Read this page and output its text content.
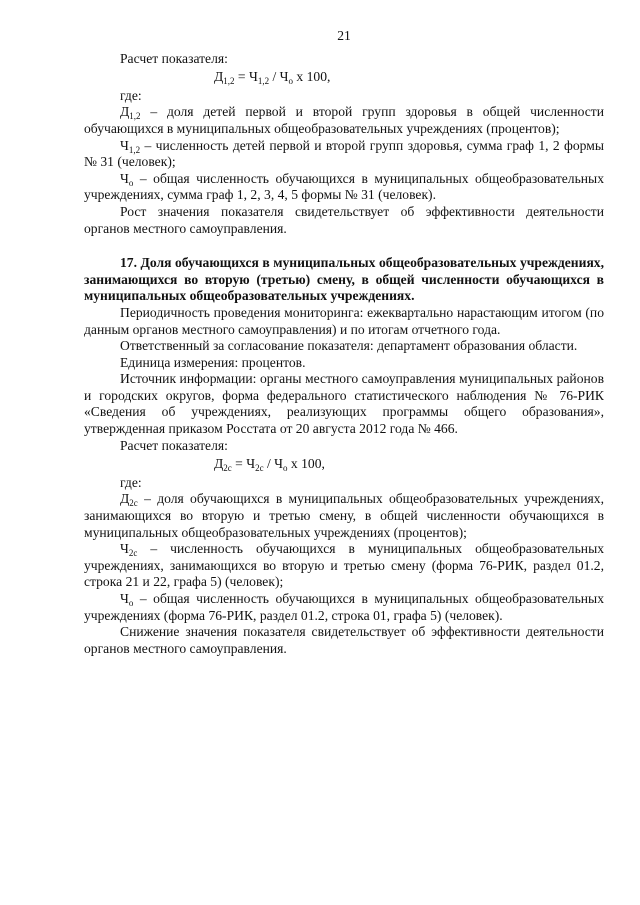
21

Расчет показателя:

$Д_{1,2} = Ч_{1,2} / Ч_о$ х 100,

где:

$Д_{1,2}$ – доля детей первой и второй групп здоровья в общей численности обучающихся в муниципальных общеобразовательных учреждениях (процентов);

$Ч_{1,2}$ – численность детей первой и второй групп здоровья, сумма граф 1, 2 формы № 31 (человек);

$Ч_о$ – общая численность обучающихся в муниципальных общеобразовательных учреждениях, сумма граф 1, 2, 3, 4, 5 формы № 31 (человек).

Рост значения показателя свидетельствует об эффективности деятельности органов местного самоуправления.

17. Доля обучающихся в муниципальных общеобразовательных учреждениях, занимающихся во вторую (третью) смену, в общей численности обучающихся в муниципальных общеобразовательных учреждениях.

Периодичность проведения мониторинга: ежеквартально нарастающим итогом (по данным органов местного самоуправления) и по итогам отчетного года.

Ответственный за согласование показателя: департамент образования области.

Единица измерения: процентов.

Источник информации: органы местного самоуправления муниципальных районов и городских округов, форма федерального статистического наблюдения № 76-РИК «Сведения об учреждениях, реализующих программы общего образования», утвержденная приказом Росстата от 20 августа 2012 года № 466.

Расчет показателя:

$Д_{2с} = Ч_{2с} / Ч_о$ х 100,

где:

$Д_{2с}$ – доля обучающихся в муниципальных общеобразовательных учреждениях, занимающихся во вторую и третью смену, в общей численности обучающихся в муниципальных общеобразовательных учреждениях (процентов);

$Ч_{2с}$ – численность обучающихся в муниципальных общеобразовательных учреждениях, занимающихся во вторую и третью смену (форма 76-РИК, раздел 01.2, строка 21 и 22, графа 5) (человек);

$Ч_о$ – общая численность обучающихся в муниципальных общеобразовательных учреждениях (форма 76-РИК, раздел 01.2, строка 01, графа 5) (человек).

Снижение значения показателя свидетельствует об эффективности деятельности органов местного самоуправления.
